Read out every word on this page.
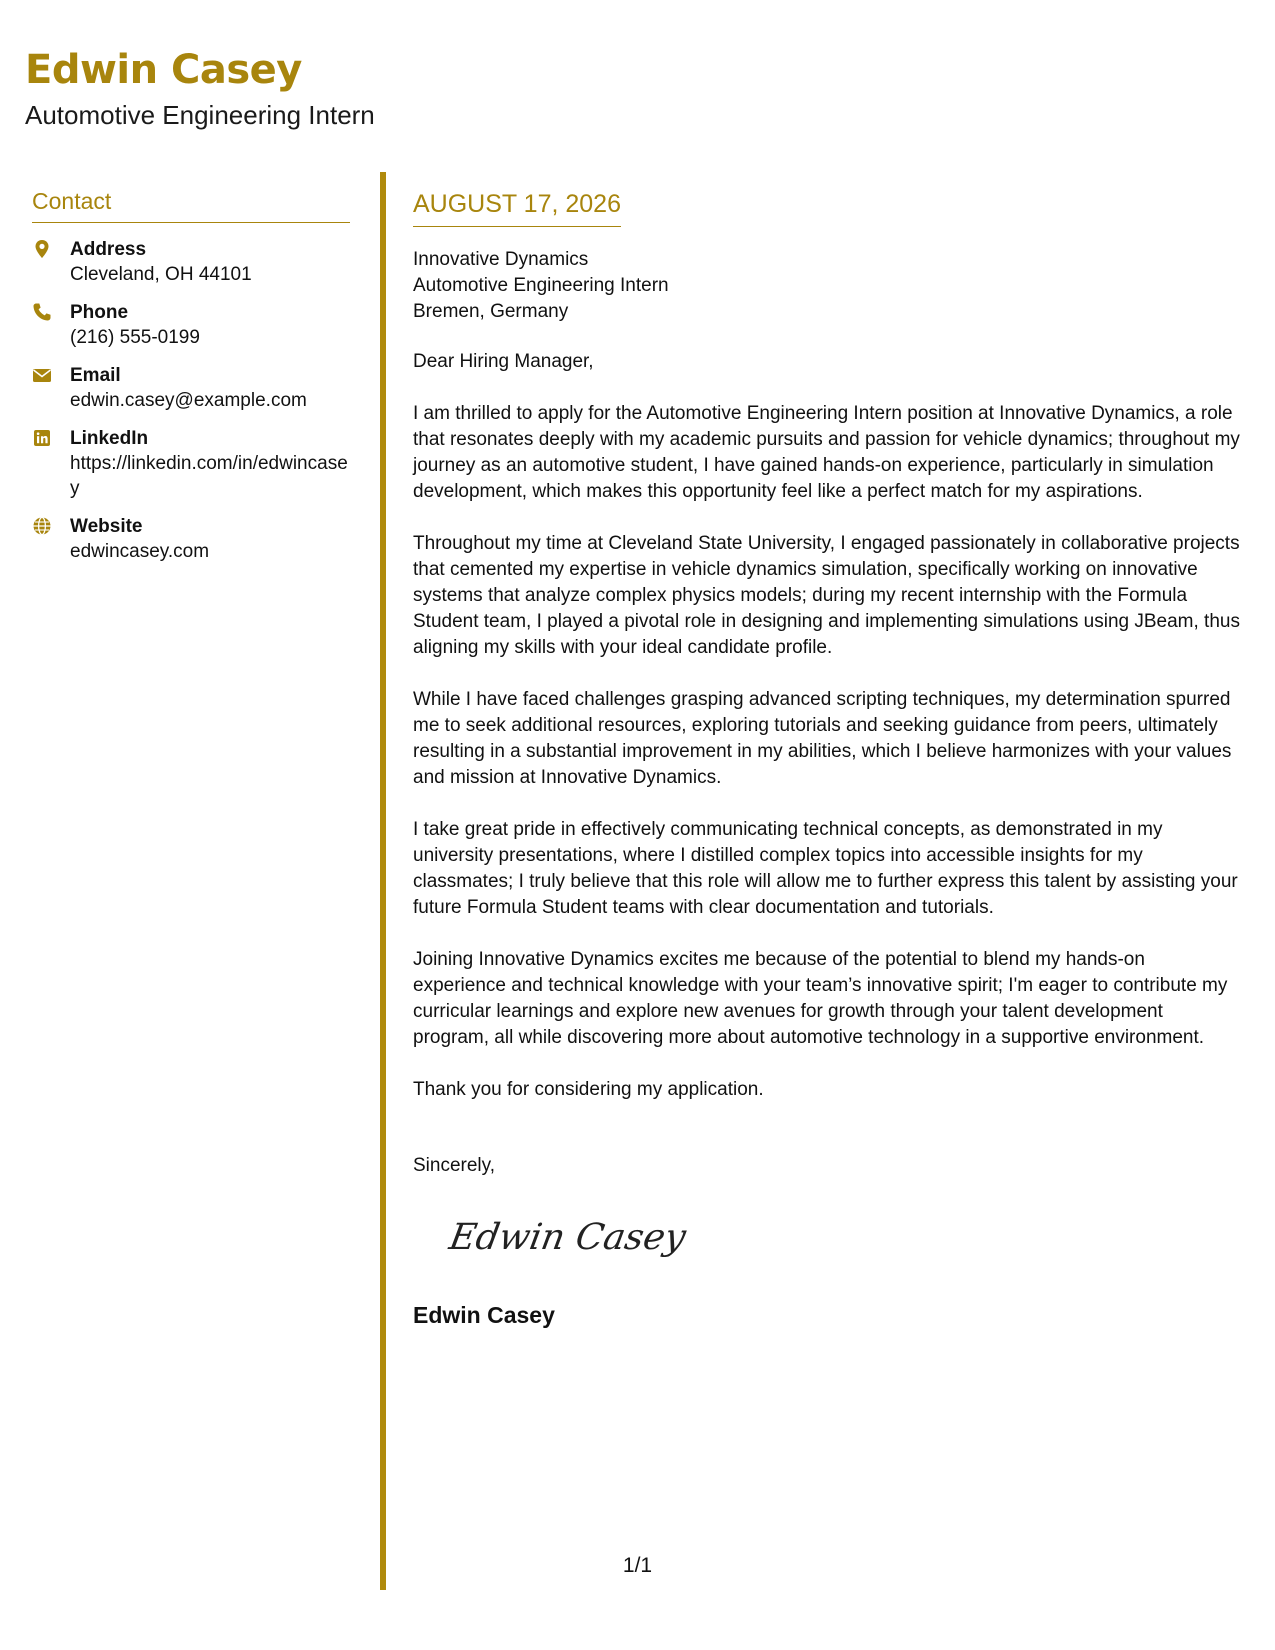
Edwin Casey
Automotive Engineering Intern
Contact
Address
Cleveland, OH 44101
Phone
(216) 555-0199
Email
edwin.casey@example.com
LinkedIn
https://linkedin.com/in/edwincasey
Website
edwincasey.com
AUGUST 17, 2026
Innovative Dynamics
Automotive Engineering Intern
Bremen, Germany

Dear Hiring Manager,

I am thrilled to apply for the Automotive Engineering Intern position at Innovative Dynamics, a role that resonates deeply with my academic pursuits and passion for vehicle dynamics; throughout my journey as an automotive student, I have gained hands-on experience, particularly in simulation development, which makes this opportunity feel like a perfect match for my aspirations.

Throughout my time at Cleveland State University, I engaged passionately in collaborative projects that cemented my expertise in vehicle dynamics simulation, specifically working on innovative systems that analyze complex physics models; during my recent internship with the Formula Student team, I played a pivotal role in designing and implementing simulations using JBeam, thus aligning my skills with your ideal candidate profile.

While I have faced challenges grasping advanced scripting techniques, my determination spurred me to seek additional resources, exploring tutorials and seeking guidance from peers, ultimately resulting in a substantial improvement in my abilities, which I believe harmonizes with your values and mission at Innovative Dynamics.

I take great pride in effectively communicating technical concepts, as demonstrated in my university presentations, where I distilled complex topics into accessible insights for my classmates; I truly believe that this role will allow me to further express this talent by assisting your future Formula Student teams with clear documentation and tutorials.

Joining Innovative Dynamics excites me because of the potential to blend my hands-on experience and technical knowledge with your team’s innovative spirit; I'm eager to contribute my curricular learnings and explore new avenues for growth through your talent development program, all while discovering more about automotive technology in a supportive environment.

Thank you for considering my application.

Sincerely,

Edwin Casey
Edwin Casey
1/1
